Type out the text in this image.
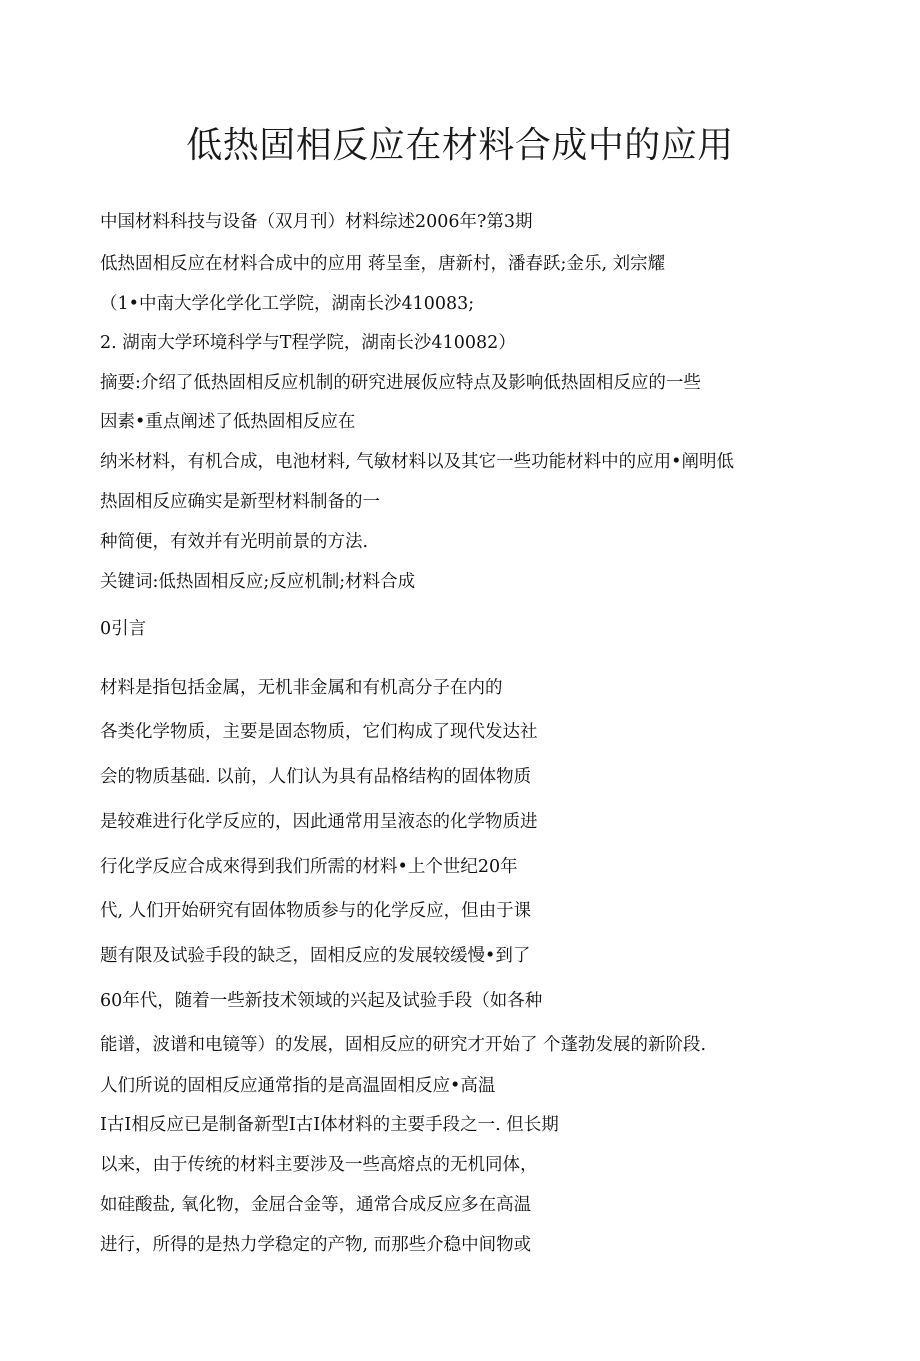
低热固相反应在材料合成中的应用
中国材料科技与设备（双月刊）材料综述2006年?第3期
低热固相反应在材料合成中的应用 蒋呈奎，唐新村，潘春跃;金乐, 刘宗耀
（1•中南大学化学化工学院，湖南长沙410083;
2. 湖南大学环境科学与T程学院，湖南长沙410082）
摘要:介绍了低热固相反应机制的研究进展仮应特点及影响低热固相反应的一些
因素•重点阐述了低热固相反应在
纳米材料，有机合成，电池材料, 气敏材料以及其它一些功能材料中的应用•阐明低
热固相反应确实是新型材料制备的一
种简便，有效并有光明前景的方法.
关键词:低热固相反应;反应机制;材料合成
0引言
材料是指包括金属，无机非金属和有机高分子在内的
各类化学物质，主要是固态物质，它们构成了现代发达社
会的物质基础. 以前，人们认为具有品格结构的固体物质
是较难进行化学反应的，因此通常用呈液态的化学物质进
行化学反应合成來得到我们所需的材料•上个世纪20年
代, 人们开始研究有固体物质参与的化学反应，但由于课
题有限及试验手段的缺乏，固相反应的发展较缓慢•到了
60年代，随着一些新技术领域的兴起及试验手段（如各种
能谱，波谱和电镜等）的发展，固相反应的研究才开始了 个蓬勃发展的新阶段.
人们所说的固相反应通常指的是高温固相反应•高温
I古I相反应已是制备新型I古I体材料的主要手段之一. 但长期
以来，由于传统的材料主要涉及一些高熔点的无机同体，
如硅酸盐, 氧化物，金屈合金等，通常合成反应多在高温
进行，所得的是热力学稳定的产物, 而那些介稳中间物或
